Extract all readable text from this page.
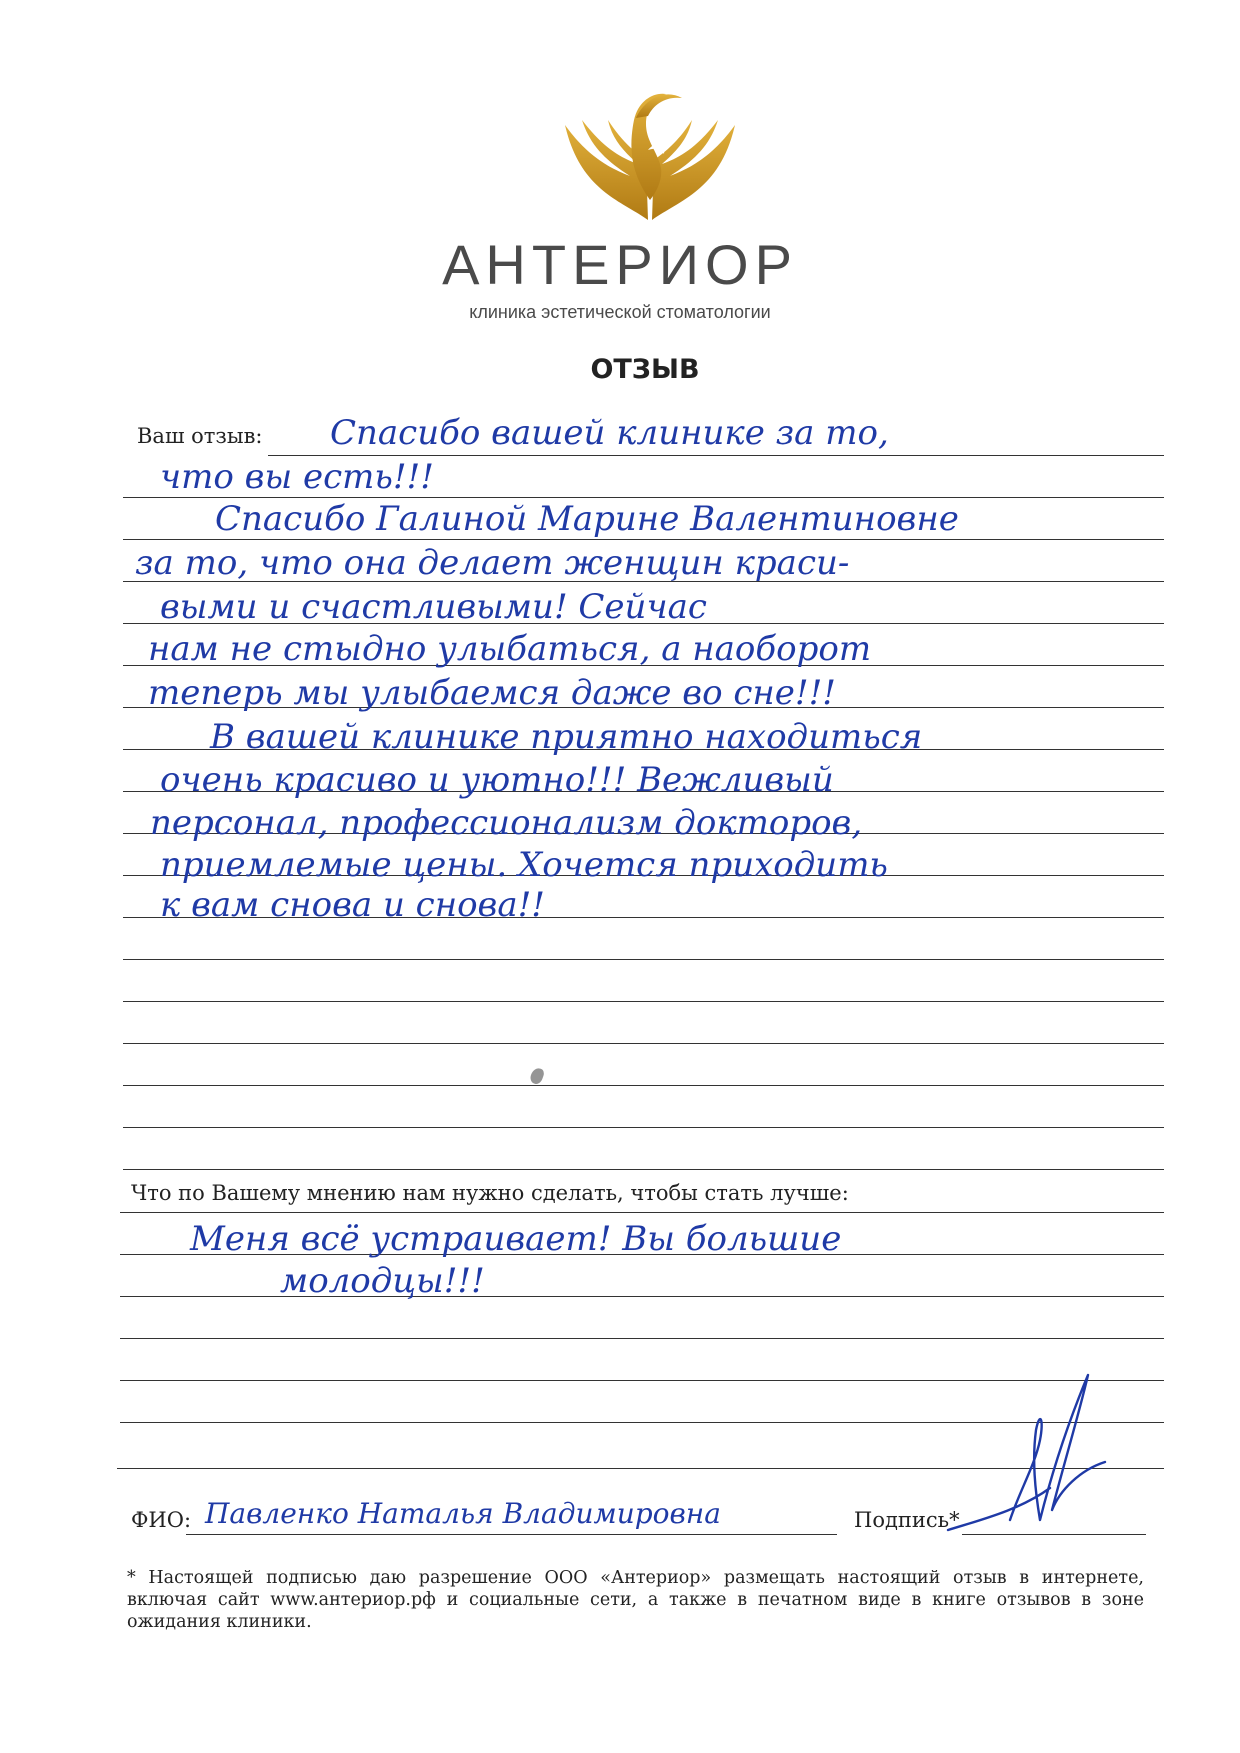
АНТЕРИОР
клиника эстетической стоматологии
ОТЗЫВ
Ваш отзыв: Спасибо вашей клинике за то,
что вы есть!!!
Спасибо Галиной Марине Валентиновне
за то, что она делает женщин краси-
выми и счастливыми! Сейчас
нам не стыдно улыбаться, а наоборот
теперь мы улыбаемся даже во сне!!!
В вашей клинике приятно находиться
очень красиво и уютно!!! Вежливый
персонал, профессионализм докторов,
приемлемые цены. Хочется приходить
к вам снова и снова!!
Что по Вашему мнению нам нужно сделать, чтобы стать лучше:
Меня всё устраивает! Вы большие
молодцы!!!
ФИО: Павленко Наталья Владимировна	Подпись*
* Настоящей подписью даю разрешение ООО «Антериор» размещать настоящий отзыв в интернете, включая сайт www.антериор.рф и социальные сети, а также в печатном виде в книге отзывов в зоне ожидания клиники.
